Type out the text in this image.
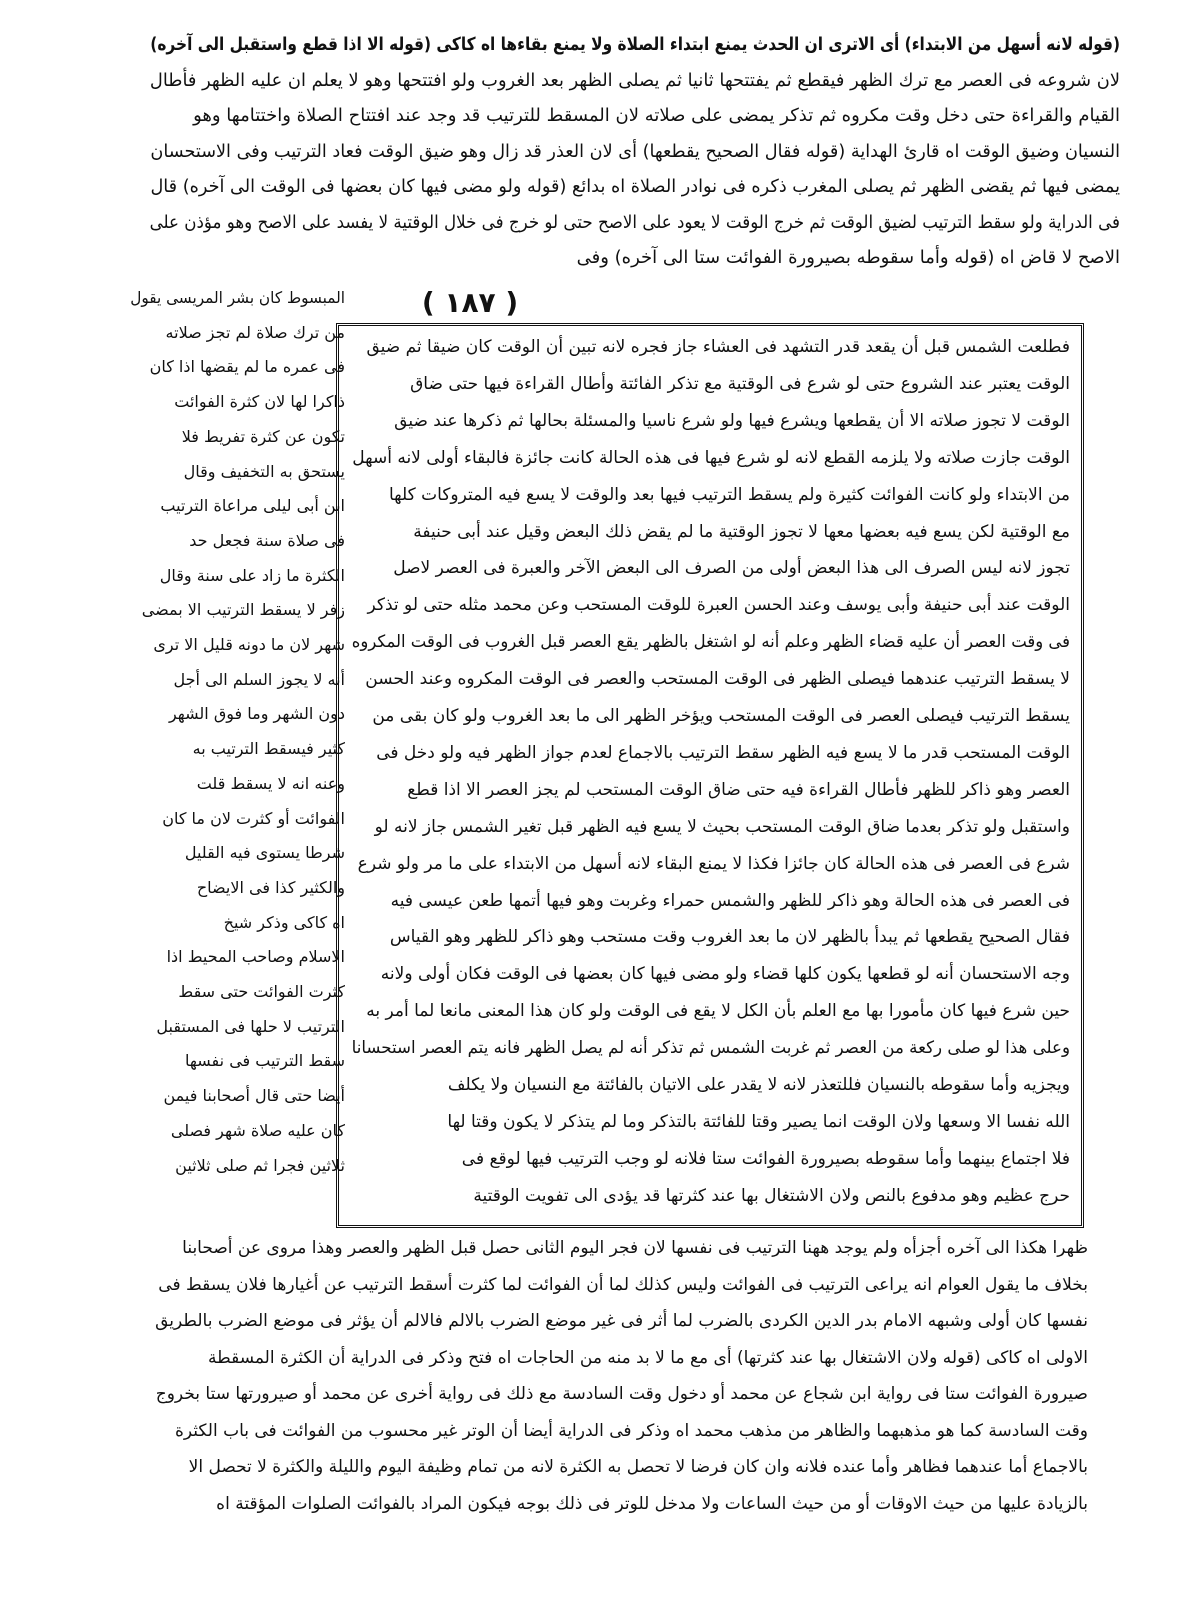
(قوله لانه أسهل من الابتداء) أى الاترى ان الحدث يمنع ابتداء الصلاة ولا يمنع بقاءها اه كاكى (قوله الا اذا قطع واستقبل الى آخره)
لان شروعه فى العصر مع ترك الظهر فيقطع ثم يفتتحها ثانيا ثم يصلى الظهر بعد الغروب ولو افتتحها وهو لا يعلم ان عليه الظهر فأطال
القيام والقراءة حتى دخل وقت مكروه ثم تذكر يمضى على صلاته لان المسقط للترتيب قد وجد عند افتتاح الصلاة واختتامها وهو
النسيان وضيق الوقت اه قارئ الهداية (قوله فقال الصحيح يقطعها) أى لان العذر قد زال وهو ضيق الوقت فعاد الترتيب وفى الاستحسان
يمضى فيها ثم يقضى الظهر ثم يصلى المغرب ذكره فى نوادر الصلاة اه بدائع (قوله ولو مضى فيها كان بعضها فى الوقت الى آخره) قال
فى الدراية ولو سقط الترتيب لضيق الوقت ثم خرج الوقت لا يعود على الاصح حتى لو خرج فى خلال الوقتية لا يفسد على الاصح وهو مؤذن على
الاصح لا قاض اه (قوله وأما سقوطه بصيرورة الفوائت ستا الى آخره) وفى
( ١٨٧ )
المبسوط كان بشر المريسى يقول
من ترك صلاة لم تجز صلاته
فى عمره ما لم يقضها اذا كان
ذاكرا لها لان كثرة الفوائت
تكون عن كثرة تفريط فلا
يستحق به التخفيف وقال
ابن أبى ليلى مراعاة الترتيب
فى صلاة سنة فجعل حد
الكثرة ما زاد على سنة وقال
زفر لا يسقط الترتيب الا بمضى
شهر لان ما دونه قليل الا ترى
أنه لا يجوز السلم الى أجل
دون الشهر وما فوق الشهر
كثير فيسقط الترتيب به
وعنه انه لا يسقط قلت
الفوائت أو كثرت لان ما كان
شرطا يستوى فيه القليل
والكثير كذا فى الايضاح
اه كاكى وذكر شيخ
الاسلام وصاحب المحيط اذا
كثرت الفوائت حتى سقط
الترتيب لا حلها فى المستقبل
سقط الترتيب فى نفسها
أيضا حتى قال أصحابنا فيمن
كان عليه صلاة شهر فصلى
ثلاثين فجرا ثم صلى ثلاثين
فطلعت الشمس قبل أن يقعد قدر التشهد فى العشاء جاز فجره لانه تبين أن الوقت كان ضيقا ثم ضيق
الوقت يعتبر عند الشروع حتى لو شرع فى الوقتية مع تذكر الفائتة وأطال القراءة فيها حتى ضاق
الوقت لا تجوز صلاته الا أن يقطعها ويشرع فيها ولو شرع ناسيا والمسئلة بحالها ثم ذكرها عند ضيق
الوقت جازت صلاته ولا يلزمه القطع لانه لو شرع فيها فى هذه الحالة كانت جائزة فالبقاء أولى لانه أسهل
من الابتداء ولو كانت الفوائت كثيرة ولم يسقط الترتيب فيها بعد والوقت لا يسع فيه المتروكات كلها
مع الوقتية لكن يسع فيه بعضها معها لا تجوز الوقتية ما لم يقض ذلك البعض وقيل عند أبى حنيفة
تجوز لانه ليس الصرف الى هذا البعض أولى من الصرف الى البعض الآخر والعبرة فى العصر لاصل
الوقت عند أبى حنيفة وأبى يوسف وعند الحسن العبرة للوقت المستحب وعن محمد مثله حتى لو تذكر
فى وقت العصر أن عليه قضاء الظهر وعلم أنه لو اشتغل بالظهر يقع العصر قبل الغروب فى الوقت المكروه
لا يسقط الترتيب عندهما فيصلى الظهر فى الوقت المستحب والعصر فى الوقت المكروه وعند الحسن
يسقط الترتيب فيصلى العصر فى الوقت المستحب ويؤخر الظهر الى ما بعد الغروب ولو كان بقى من
الوقت المستحب قدر ما لا يسع فيه الظهر سقط الترتيب بالاجماع لعدم جواز الظهر فيه ولو دخل فى
العصر وهو ذاكر للظهر فأطال القراءة فيه حتى ضاق الوقت المستحب لم يجز العصر الا اذا قطع
واستقبل ولو تذكر بعدما ضاق الوقت المستحب بحيث لا يسع فيه الظهر قبل تغير الشمس جاز لانه لو
شرع فى العصر فى هذه الحالة كان جائزا فكذا لا يمنع البقاء لانه أسهل من الابتداء على ما مر ولو شرع
فى العصر فى هذه الحالة وهو ذاكر للظهر والشمس حمراء وغربت وهو فيها أتمها طعن عيسى فيه
فقال الصحيح يقطعها ثم يبدأ بالظهر لان ما بعد الغروب وقت مستحب وهو ذاكر للظهر وهو القياس
وجه الاستحسان أنه لو قطعها يكون كلها قضاء ولو مضى فيها كان بعضها فى الوقت فكان أولى ولانه
حين شرع فيها كان مأمورا بها مع العلم بأن الكل لا يقع فى الوقت ولو كان هذا المعنى مانعا لما أمر به
وعلى هذا لو صلى ركعة من العصر ثم غربت الشمس ثم تذكر أنه لم يصل الظهر فانه يتم العصر استحسانا
ويجزيه وأما سقوطه بالنسيان فللتعذر لانه لا يقدر على الاتيان بالفائتة مع النسيان ولا يكلف
الله نفسا الا وسعها ولان الوقت انما يصير وقتا للفائتة بالتذكر وما لم يتذكر لا يكون وقتا لها
فلا اجتماع بينهما وأما سقوطه بصيرورة الفوائت ستا فلانه لو وجب الترتيب فيها لوقع فى
حرج عظيم وهو مدفوع بالنص ولان الاشتغال بها عند كثرتها قد يؤدى الى تفويت الوقتية
ظهرا هكذا الى آخره أجزأه ولم يوجد ههنا الترتيب فى نفسها لان فجر اليوم الثانى حصل قبل الظهر والعصر وهذا مروى عن أصحابنا
بخلاف ما يقول العوام انه يراعى الترتيب فى الفوائت وليس كذلك لما أن الفوائت لما كثرت أسقط الترتيب عن أغيارها فلان يسقط فى
نفسها كان أولى وشبهه الامام بدر الدين الكردى بالضرب لما أثر فى غير موضع الضرب بالالم فالالم أن يؤثر فى موضع الضرب بالطريق
الاولى اه كاكى (قوله ولان الاشتغال بها عند كثرتها) أى مع ما لا بد منه من الحاجات اه فتح وذكر فى الدراية أن الكثرة المسقطة
صيرورة الفوائت ستا فى رواية ابن شجاع عن محمد أو دخول وقت السادسة مع ذلك فى رواية أخرى عن محمد أو صيرورتها ستا بخروج
وقت السادسة كما هو مذهبهما والظاهر من مذهب محمد اه وذكر فى الدراية أيضا أن الوتر غير محسوب من الفوائت فى باب الكثرة
بالاجماع أما عندهما فظاهر وأما عنده فلانه وان كان فرضا لا تحصل به الكثرة لانه من تمام وظيفة اليوم والليلة والكثرة لا تحصل الا
بالزيادة عليها من حيث الاوقات أو من حيث الساعات ولا مدخل للوتر فى ذلك بوجه فيكون المراد بالفوائت الصلوات المؤقتة اه
